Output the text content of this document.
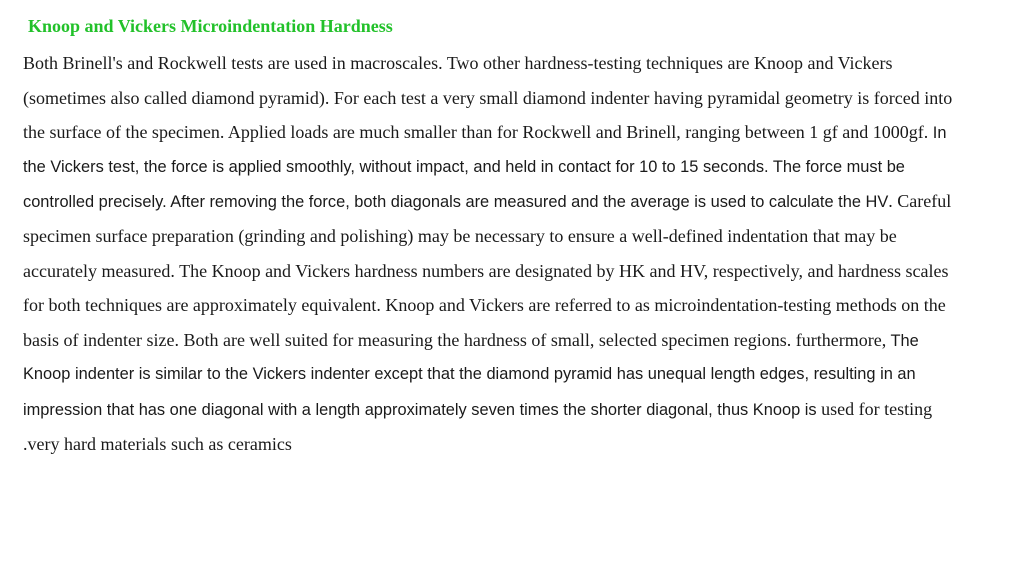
Knoop and Vickers Microindentation Hardness
Both Brinell's and Rockwell tests are used in macroscales. Two other hardness-testing techniques are Knoop and Vickers
(sometimes also called diamond pyramid). For each test a very small diamond indenter having pyramidal geometry is forced into
the surface of the specimen. Applied loads are much smaller than for Rockwell and Brinell, ranging between 1 gf and 1000gf. In
the Vickers test, the force is applied smoothly, without impact, and held in contact for 10 to 15 seconds. The force must be
controlled precisely. After removing the force, both diagonals are measured and the average is used to calculate the HV. Careful
specimen surface preparation (grinding and polishing) may be necessary to ensure a well-defined indentation that may be
accurately measured. The Knoop and Vickers hardness numbers are designated by HK and HV, respectively, and hardness scales
for both techniques are approximately equivalent. Knoop and Vickers are referred to as microindentation-testing methods on the
basis of indenter size. Both are well suited for measuring the hardness of small, selected specimen regions. furthermore, The
Knoop indenter is similar to the Vickers indenter except that the diamond pyramid has unequal length edges, resulting in an
impression that has one diagonal with a length approximately seven times the shorter diagonal, thus Knoop is used for testing
.very hard materials such as ceramics
